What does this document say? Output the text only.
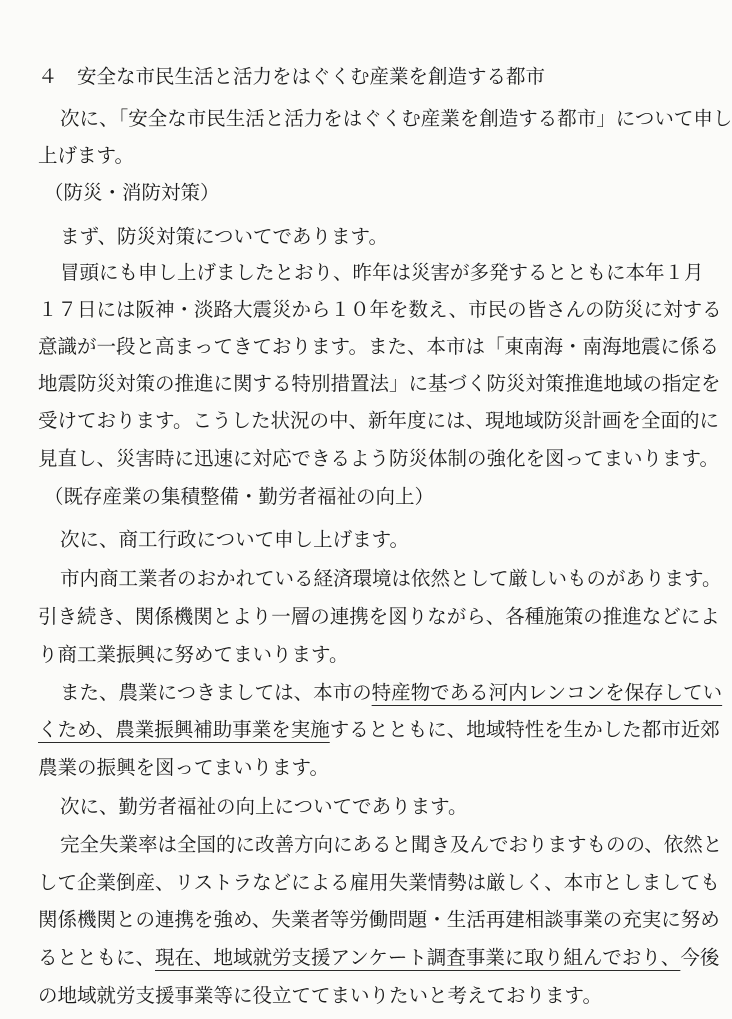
４　安全な市民生活と活力をはぐくむ産業を創造する都市
次に、「安全な市民生活と活力をはぐくむ産業を創造する都市」について申し
上げます。
（防災・消防対策）
まず、防災対策についてであります。
冒頭にも申し上げましたとおり、昨年は災害が多発するとともに本年１月
１７日には阪神・淡路大震災から１０年を数え、市民の皆さんの防災に対する
意識が一段と高まってきております。また、本市は「東南海・南海地震に係る
地震防災対策の推進に関する特別措置法」に基づく防災対策推進地域の指定を
受けております。こうした状況の中、新年度には、現地域防災計画を全面的に
見直し、災害時に迅速に対応できるよう防災体制の強化を図ってまいります。
（既存産業の集積整備・勤労者福祉の向上）
次に、商工行政について申し上げます。
市内商工業者のおかれている経済環境は依然として厳しいものがあります。
引き続き、関係機関とより一層の連携を図りながら、各種施策の推進などによ
り商工業振興に努めてまいります。
また、農業につきましては、本市の特産物である河内レンコンを保存してい
くため、農業振興補助事業を実施するとともに、地域特性を生かした都市近郊
農業の振興を図ってまいります。
次に、勤労者福祉の向上についてであります。
完全失業率は全国的に改善方向にあると聞き及んでおりますものの、依然と
して企業倒産、リストラなどによる雇用失業情勢は厳しく、本市としましても
関係機関との連携を強め、失業者等労働問題・生活再建相談事業の充実に努め
るとともに、現在、地域就労支援アンケート調査事業に取り組んでおり、今後
の地域就労支援事業等に役立ててまいりたいと考えております。
